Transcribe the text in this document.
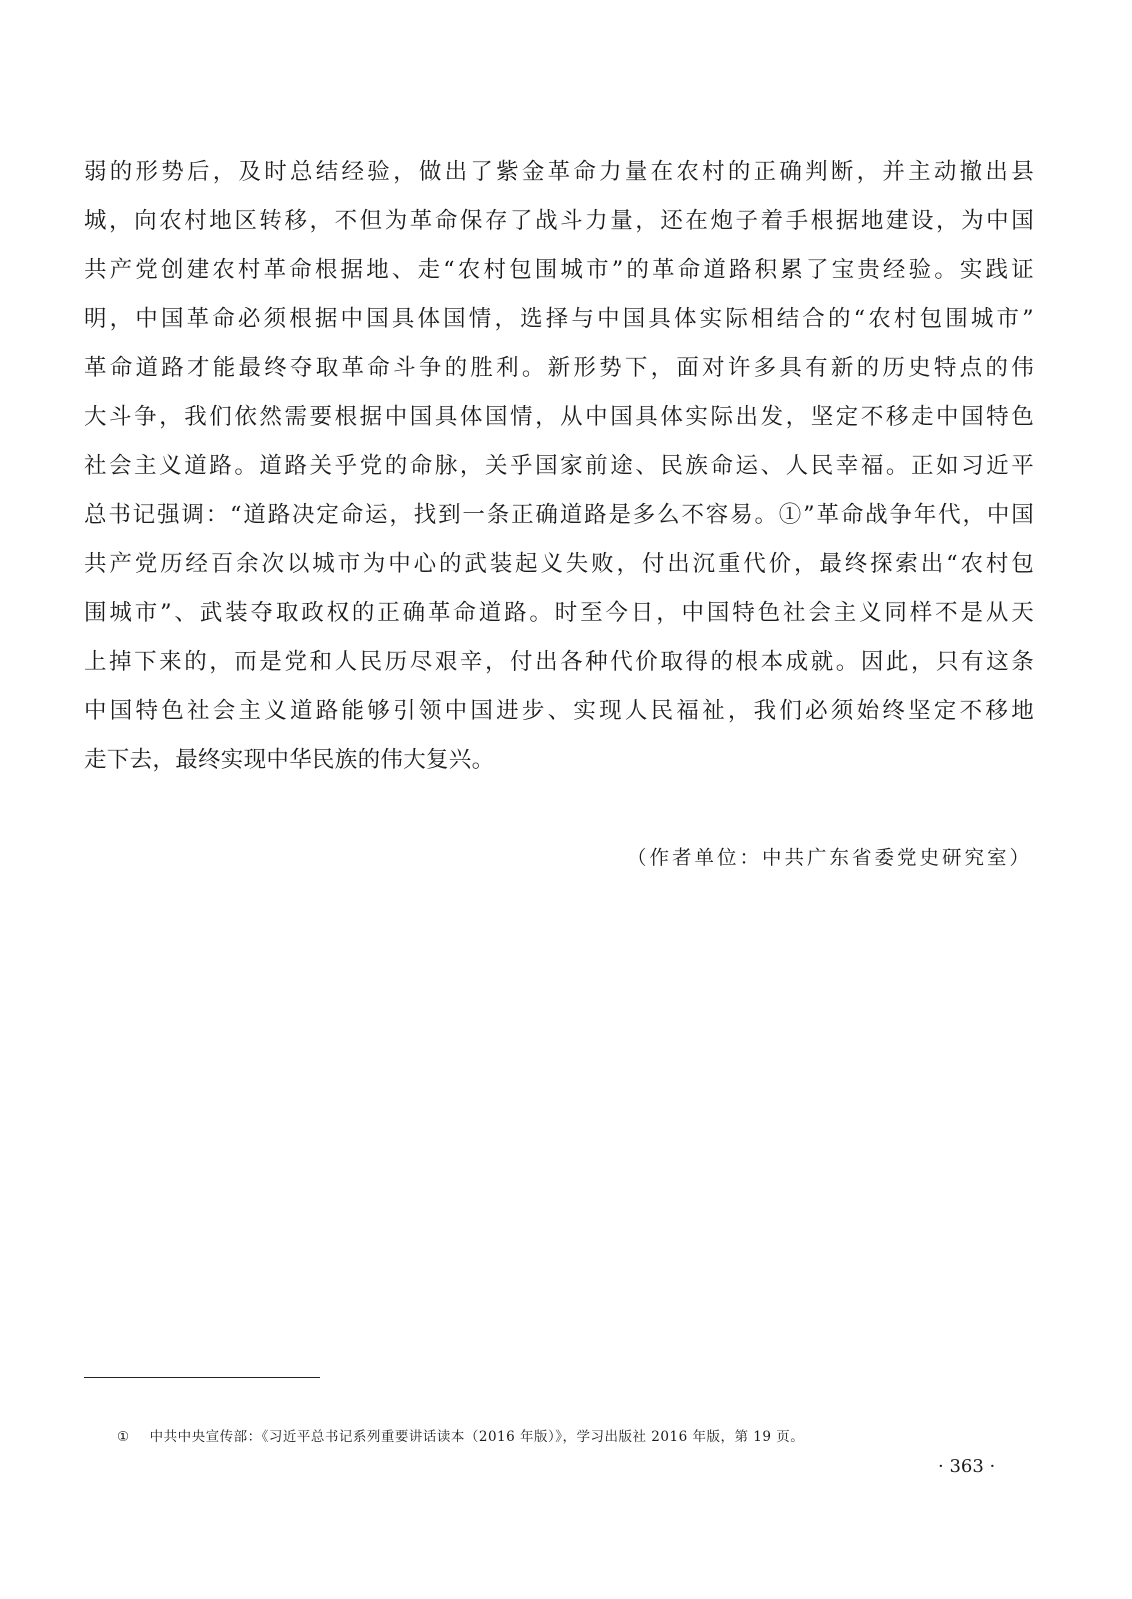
弱的形势后，及时总结经验，做出了紫金革命力量在农村的正确判断，并主动撤出县
城，向农村地区转移，不但为革命保存了战斗力量，还在炮子着手根据地建设，为中国
共产党创建农村革命根据地、走“农村包围城市”的革命道路积累了宝贵经验。实践证
明，中国革命必须根据中国具体国情，选择与中国具体实际相结合的“农村包围城市”
革命道路才能最终夺取革命斗争的胜利。新形势下，面对许多具有新的历史特点的伟
大斗争，我们依然需要根据中国具体国情，从中国具体实际出发，坚定不移走中国特色
社会主义道路。道路关乎党的命脉，关乎国家前途、民族命运、人民幸福。正如习近平
总书记强调：“道路决定命运，找到一条正确道路是多么不容易。①”革命战争年代，中国
共产党历经百余次以城市为中心的武装起义失败，付出沉重代价，最终探索出“农村包
围城市”、武装夺取政权的正确革命道路。时至今日，中国特色社会主义同样不是从天
上掉下来的，而是党和人民历尽艰辛，付出各种代价取得的根本成就。因此，只有这条
中国特色社会主义道路能够引领中国进步、实现人民福祉，我们必须始终坚定不移地
走下去，最终实现中华民族的伟大复兴。
（作者单位：中共广东省委党史研究室）
① 中共中央宣传部：《习近平总书记系列重要讲话读本（2016 年版）》，学习出版社 2016 年版，第 19 页。
· 363 ·
